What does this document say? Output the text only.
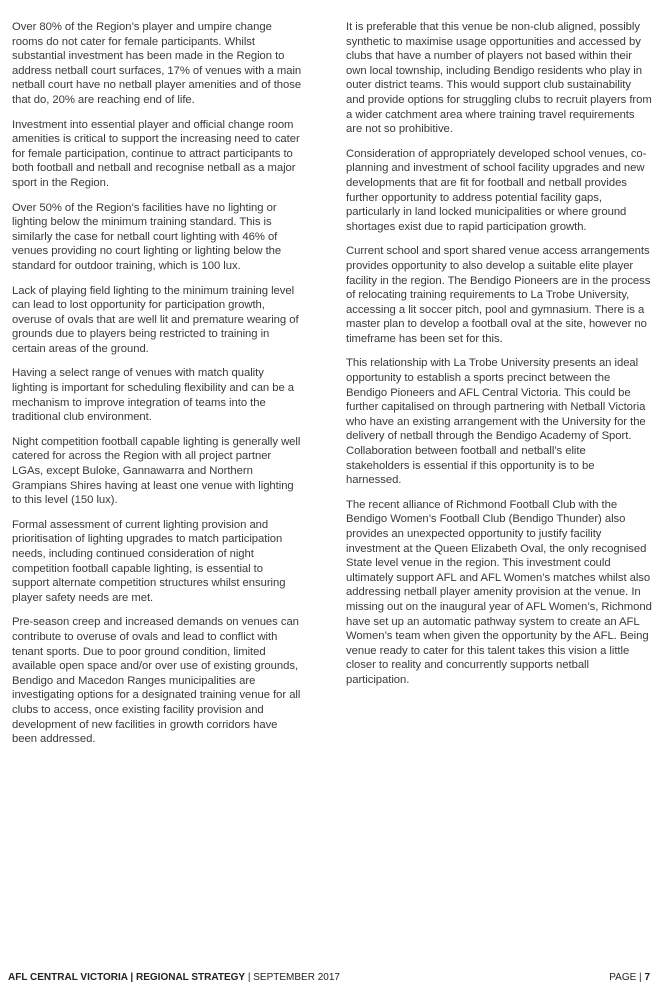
Over 80% of the Region’s player and umpire change rooms do not cater for female participants. Whilst substantial investment has been made in the Region to address netball court surfaces, 17% of venues with a main netball court have no netball player amenities and of those that do, 20% are reaching end of life.

Investment into essential player and official change room amenities is critical to support the increasing need to cater for female participation, continue to attract participants to both football and netball and recognise netball as a major sport in the Region.

Over 50% of the Region’s facilities have no lighting or lighting below the minimum training standard. This is similarly the case for netball court lighting with 46% of venues providing no court lighting or lighting below the standard for outdoor training, which is 100 lux.

Lack of playing field lighting to the minimum training level can lead to lost opportunity for participation growth, overuse of ovals that are well lit and premature wearing of grounds due to players being restricted to training in certain areas of the ground.

Having a select range of venues with match quality lighting is important for scheduling flexibility and can be a mechanism to improve integration of teams into the traditional club environment.

Night competition football capable lighting is generally well catered for across the Region with all project partner LGAs, except Buloke, Gannawarra and Northern Grampians Shires having at least one venue with lighting to this level (150 lux).

Formal assessment of current lighting provision and prioritisation of lighting upgrades to match participation needs, including continued consideration of night competition football capable lighting, is essential to support alternate competition structures whilst ensuring player safety needs are met.

Pre-season creep and increased demands on venues can contribute to overuse of ovals and lead to conflict with tenant sports. Due to poor ground condition, limited available open space and/or over use of existing grounds, Bendigo and Macedon Ranges municipalities are investigating options for a designated training venue for all clubs to access, once existing facility provision and development of new facilities in growth corridors have been addressed.

It is preferable that this venue be non-club aligned, possibly synthetic to maximise usage opportunities and accessed by clubs that have a number of players not based within their own local township, including Bendigo residents who play in outer district teams. This would support club sustainability and provide options for struggling clubs to recruit players from a wider catchment area where training travel requirements are not so prohibitive.

Consideration of appropriately developed school venues, co-planning and investment of school facility upgrades and new developments that are fit for football and netball provides further opportunity to address potential facility gaps, particularly in land locked municipalities or where ground shortages exist due to rapid participation growth.

Current school and sport shared venue access arrangements provides opportunity to also develop a suitable elite player facility in the region. The Bendigo Pioneers are in the process of relocating training requirements to La Trobe University, accessing a lit soccer pitch, pool and gymnasium. There is a master plan to develop a football oval at the site, however no timeframe has been set for this.

This relationship with La Trobe University presents an ideal opportunity to establish a sports precinct between the Bendigo Pioneers and AFL Central Victoria. This could be further capitalised on through partnering with Netball Victoria who have an existing arrangement with the University for the delivery of netball through the Bendigo Academy of Sport. Collaboration between football and netball’s elite stakeholders is essential if this opportunity is to be harnessed.

The recent alliance of Richmond Football Club with the Bendigo Women’s Football Club (Bendigo Thunder) also provides an unexpected opportunity to justify facility investment at the Queen Elizabeth Oval, the only recognised State level venue in the region. This investment could ultimately support AFL and AFL Women’s matches whilst also addressing netball player amenity provision at the venue. In missing out on the inaugural year of AFL Women’s, Richmond have set up an automatic pathway system to create an AFL Women’s team when given the opportunity by the AFL. Being venue ready to cater for this talent takes this vision a little closer to reality and concurrently supports netball participation.

AFL CENTRAL VICTORIA | REGIONAL STRATEGY | SEPTEMBER 2017	PAGE | 7
